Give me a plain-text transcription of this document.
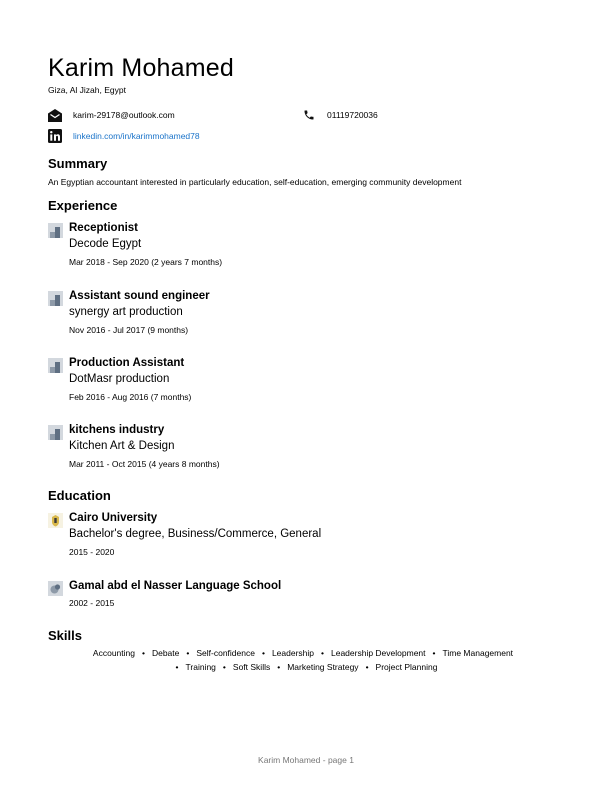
Karim Mohamed
Giza, Al Jizah, Egypt
karim-29178@outlook.com	01119720036
linkedin.com/in/karimmohamed78
Summary
An Egyptian accountant interested in particularly education, self-education, emerging community development
Experience
Receptionist
Decode Egypt
Mar 2018 - Sep 2020 (2 years 7 months)
Assistant sound engineer
synergy art production
Nov 2016 - Jul 2017 (9 months)
Production Assistant
DotMasr production
Feb 2016 - Aug 2016 (7 months)
kitchens industry
Kitchen Art & Design
Mar 2011 - Oct 2015 (4 years 8 months)
Education
Cairo University
Bachelor's degree, Business/Commerce, General
2015 - 2020
Gamal abd el Nasser Language School
2002 - 2015
Skills
Accounting • Debate • Self-confidence • Leadership • Leadership Development • Time Management
• Training • Soft Skills • Marketing Strategy • Project Planning
Karim Mohamed - page 1
